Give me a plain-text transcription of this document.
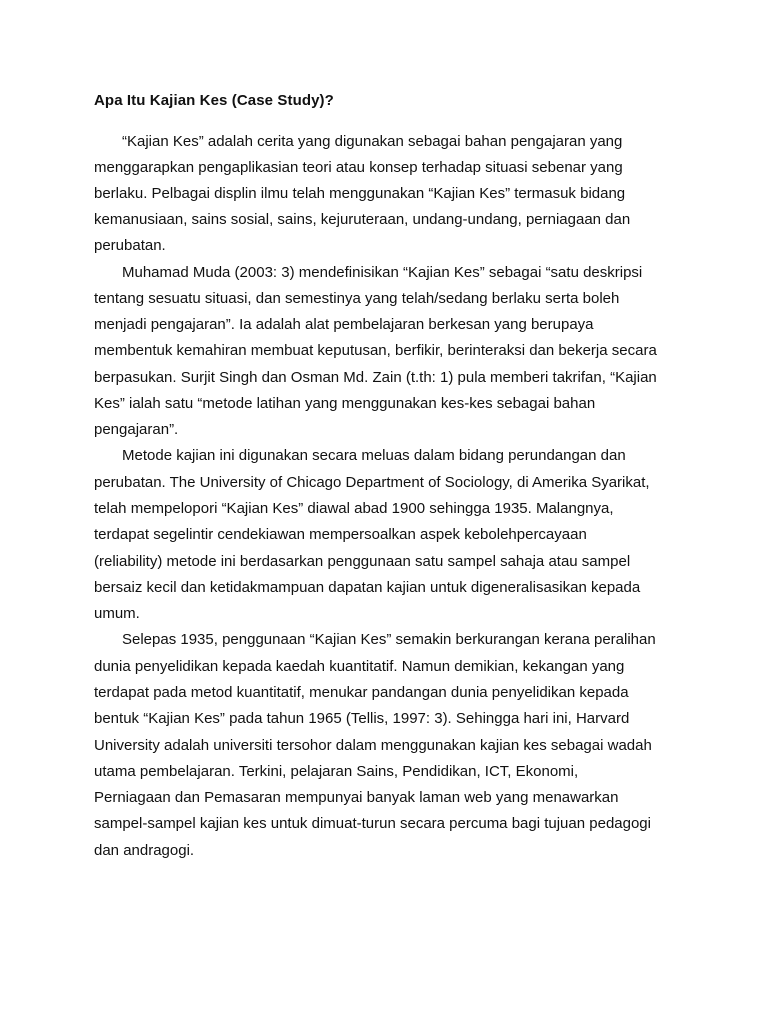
Apa Itu Kajian Kes (Case Study)?
“Kajian Kes” adalah cerita yang digunakan sebagai bahan pengajaran yang
menggarapkan pengaplikasian teori atau konsep terhadap situasi sebenar yang
berlaku. Pelbagai displin ilmu telah menggunakan “Kajian Kes” termasuk bidang
kemanusiaan, sains sosial, sains, kejuruteraan, undang-undang, perniagaan dan
perubatan.
Muhamad Muda (2003: 3) mendefinisikan “Kajian Kes” sebagai “satu deskripsi
tentang sesuatu situasi, dan semestinya yang telah/sedang berlaku serta boleh
menjadi pengajaran”. Ia adalah alat pembelajaran berkesan yang berupaya
membentuk kemahiran membuat keputusan, berfikir, berinteraksi dan bekerja secara
berpasukan. Surjit Singh dan Osman Md. Zain (t.th: 1) pula memberi takrifan, “Kajian
Kes” ialah satu “metode latihan yang menggunakan kes-kes sebagai bahan
pengajaran”.
Metode kajian ini digunakan secara meluas dalam bidang perundangan dan
perubatan. The University of Chicago Department of Sociology, di Amerika Syarikat,
telah mempelopori “Kajian Kes” diawal abad 1900 sehingga 1935. Malangnya,
terdapat segelintir cendekiawan mempersoalkan aspek kebolehpercayaan
(reliability) metode ini berdasarkan penggunaan satu sampel sahaja atau sampel
bersaiz kecil dan ketidakmampuan dapatan kajian untuk digeneralisasikan kepada
umum.
Selepas 1935, penggunaan “Kajian Kes” semakin berkurangan kerana peralihan
dunia penyelidikan kepada kaedah kuantitatif. Namun demikian, kekangan yang
terdapat pada metod kuantitatif, menukar pandangan dunia penyelidikan kepada
bentuk “Kajian Kes” pada tahun 1965 (Tellis, 1997: 3). Sehingga hari ini, Harvard
University adalah universiti tersohor dalam menggunakan kajian kes sebagai wadah
utama pembelajaran. Terkini, pelajaran Sains, Pendidikan, ICT, Ekonomi,
Perniagaan dan Pemasaran mempunyai banyak laman web yang menawarkan
sampel-sampel kajian kes untuk dimuat-turun secara percuma bagi tujuan pedagogi
dan andragogi.
